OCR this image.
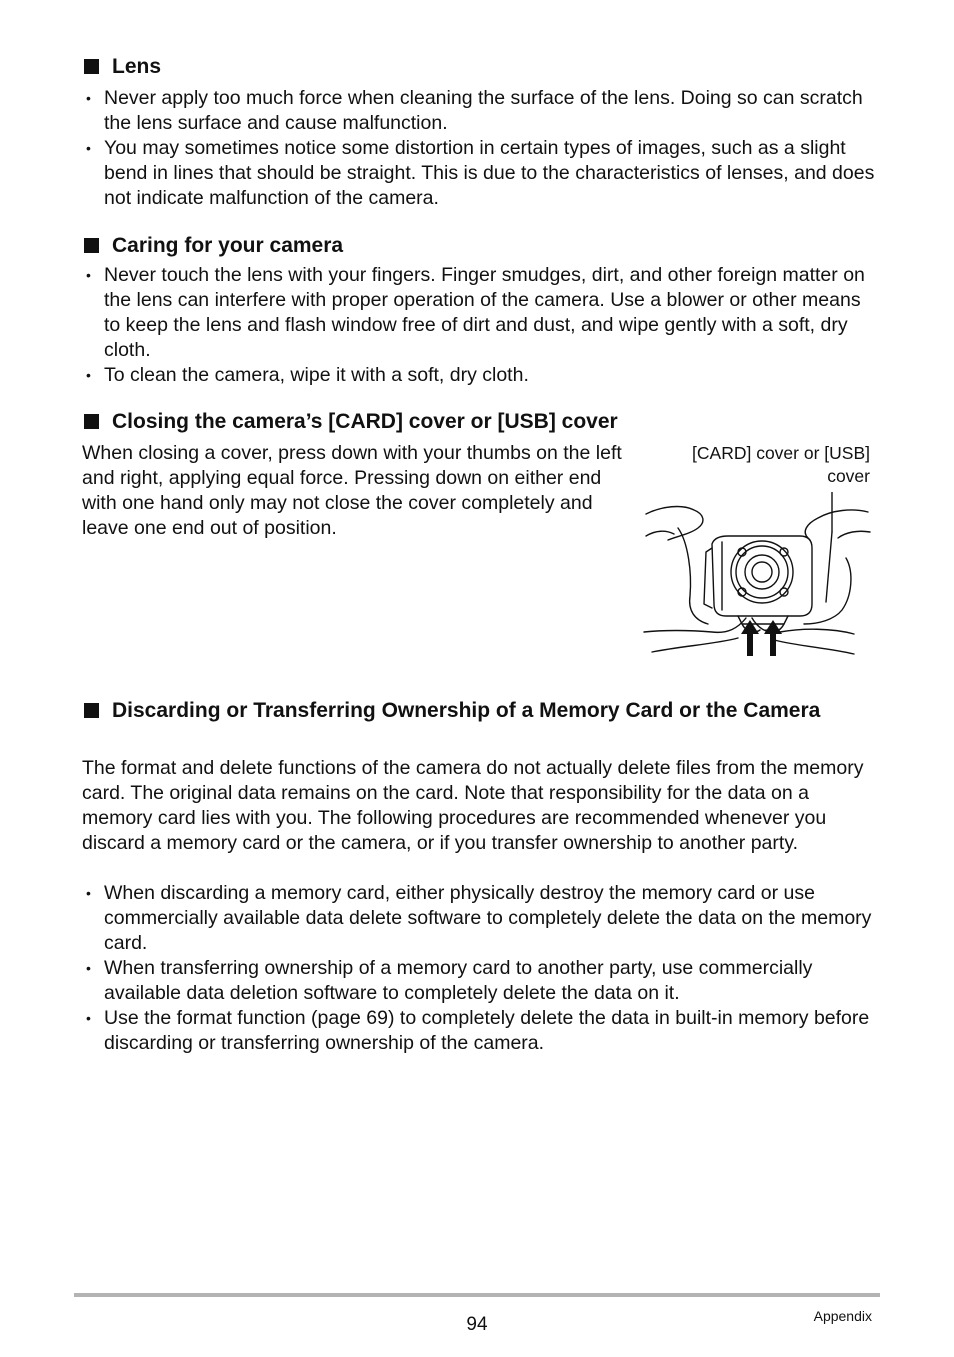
Lens
• Never apply too much force when cleaning the surface of the lens. Doing so can scratch the lens surface and cause malfunction.
• You may sometimes notice some distortion in certain types of images, such as a slight bend in lines that should be straight. This is due to the characteristics of lenses, and does not indicate malfunction of the camera.
Caring for your camera
• Never touch the lens with your fingers. Finger smudges, dirt, and other foreign matter on the lens can interfere with proper operation of the camera. Use a blower or other means to keep the lens and flash window free of dirt and dust, and wipe gently with a soft, dry cloth.
• To clean the camera, wipe it with a soft, dry cloth.
Closing the camera’s [CARD] cover or [USB] cover

When closing a cover, press down with your thumbs on the left and right, applying equal force. Pressing down on either end with one hand only may not close the cover completely and leave one end out of position.

[CARD] cover or [USB] cover

Discarding or Transferring Ownership of a Memory Card or the Camera

The format and delete functions of the camera do not actually delete files from the memory card. The original data remains on the card. Note that responsibility for the data on a memory card lies with you. The following procedures are recommended whenever you discard a memory card or the camera, or if you transfer ownership to another party.

• When discarding a memory card, either physically destroy the memory card or use commercially available data delete software to completely delete the data on the memory card.
• When transferring ownership of a memory card to another party, use commercially available data deletion software to completely delete the data on it.
• Use the format function (page 69) to completely delete the data in built-in memory before discarding or transferring ownership of the camera.
94	Appendix
